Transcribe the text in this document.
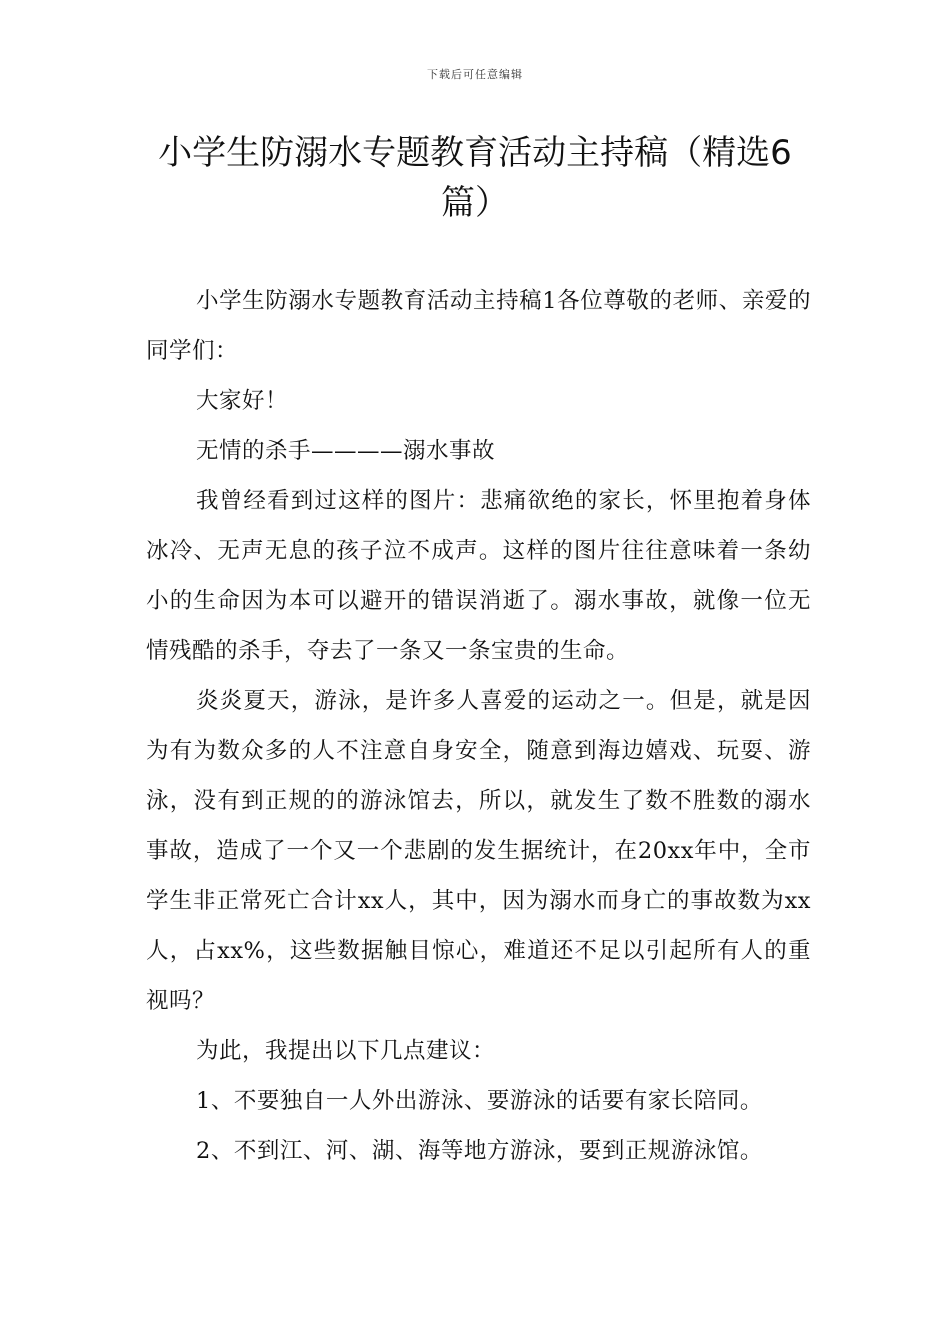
下载后可任意编辑
小学生防溺水专题教育活动主持稿（精选6篇）

小学生防溺水专题教育活动主持稿1各位尊敬的老师、亲爱的同学们：

大家好！

无情的杀手————溺水事故

我曾经看到过这样的图片：悲痛欲绝的家长，怀里抱着身体冰冷、无声无息的孩子泣不成声。这样的图片往往意味着一条幼小的生命因为本可以避开的错误消逝了。溺水事故，就像一位无情残酷的杀手，夺去了一条又一条宝贵的生命。

炎炎夏天，游泳，是许多人喜爱的运动之一。但是，就是因为有为数众多的人不注意自身安全，随意到海边嬉戏、玩耍、游泳，没有到正规的的游泳馆去，所以，就发生了数不胜数的溺水事故，造成了一个又一个悲剧的发生据统计，在20xx年中，全市学生非正常死亡合计xx人，其中，因为溺水而身亡的事故数为xx人，占xx%，这些数据触目惊心，难道还不足以引起所有人的重视吗？

为此，我提出以下几点建议：

1、不要独自一人外出游泳、要游泳的话要有家长陪同。

2、不到江、河、湖、海等地方游泳，要到正规游泳馆。
